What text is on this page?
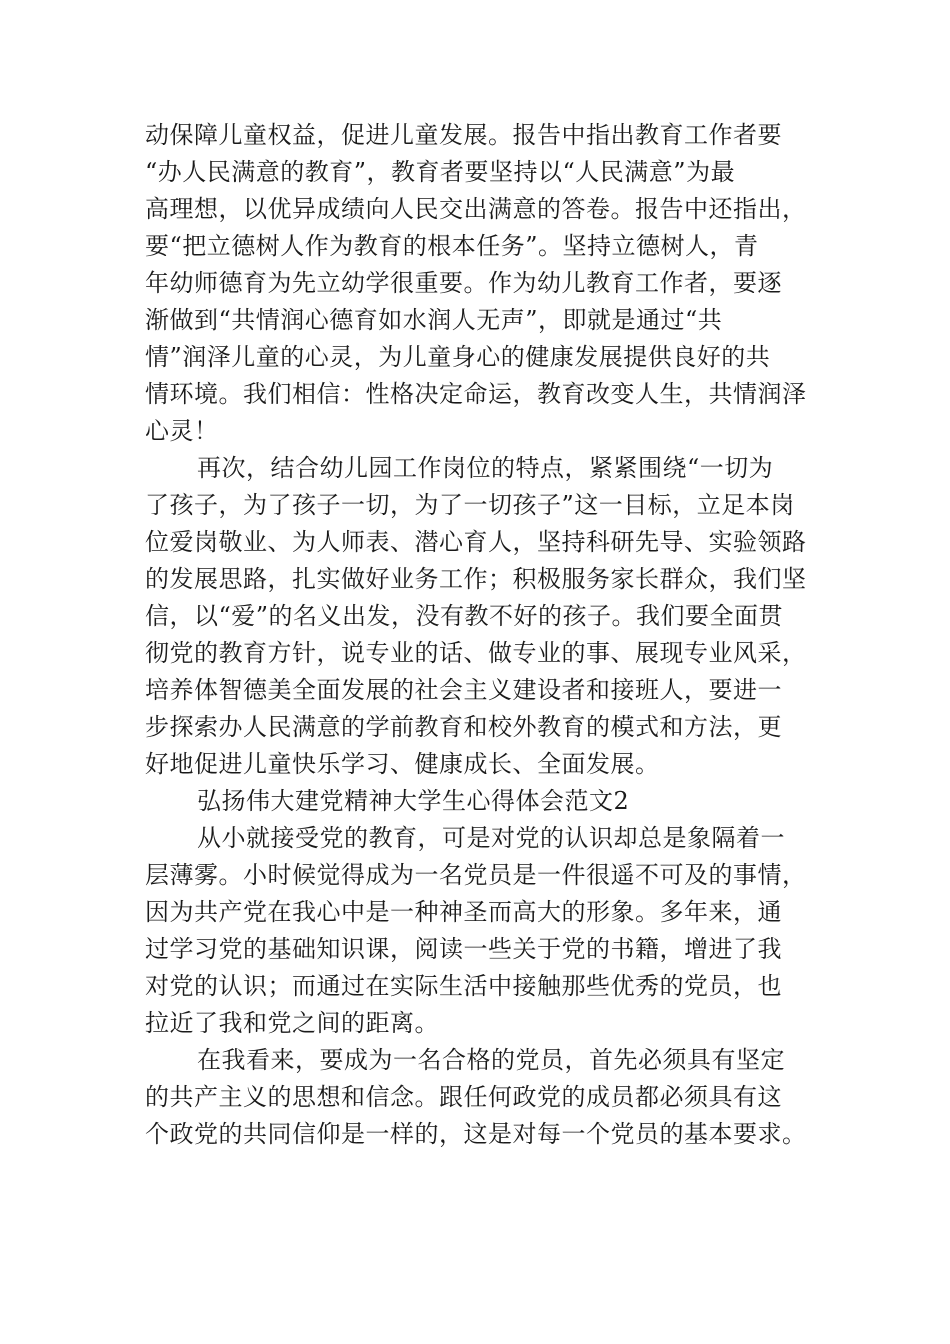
动保障儿童权益，促进儿童发展。报告中指出教育工作者要
“办人民满意的教育”，教育者要坚持以“人民满意”为最
高理想，以优异成绩向人民交出满意的答卷。报告中还指出，
要“把立德树人作为教育的根本任务”。坚持立德树人，青
年幼师德育为先立幼学很重要。作为幼儿教育工作者，要逐
渐做到“共情润心德育如水润人无声”，即就是通过“共
情”润泽儿童的心灵，为儿童身心的健康发展提供良好的共
情环境。我们相信：性格决定命运，教育改变人生，共情润泽
心灵！
再次，结合幼儿园工作岗位的特点，紧紧围绕“一切为
了孩子，为了孩子一切，为了一切孩子”这一目标，立足本岗
位爱岗敬业、为人师表、潜心育人，坚持科研先导、实验领路
的发展思路，扎实做好业务工作；积极服务家长群众，我们坚
信，以“爱”的名义出发，没有教不好的孩子。我们要全面贯
彻党的教育方针，说专业的话、做专业的事、展现专业风采，
培养体智德美全面发展的社会主义建设者和接班人，要进一
步探索办人民满意的学前教育和校外教育的模式和方法，更
好地促进儿童快乐学习、健康成长、全面发展。
弘扬伟大建党精神大学生心得体会范文2
从小就接受党的教育，可是对党的认识却总是象隔着一
层薄雾。小时候觉得成为一名党员是一件很遥不可及的事情，
因为共产党在我心中是一种神圣而高大的形象。多年来，通
过学习党的基础知识课，阅读一些关于党的书籍，增进了我
对党的认识；而通过在实际生活中接触那些优秀的党员，也
拉近了我和党之间的距离。
在我看来，要成为一名合格的党员，首先必须具有坚定
的共产主义的思想和信念。跟任何政党的成员都必须具有这
个政党的共同信仰是一样的，这是对每一个党员的基本要求。
